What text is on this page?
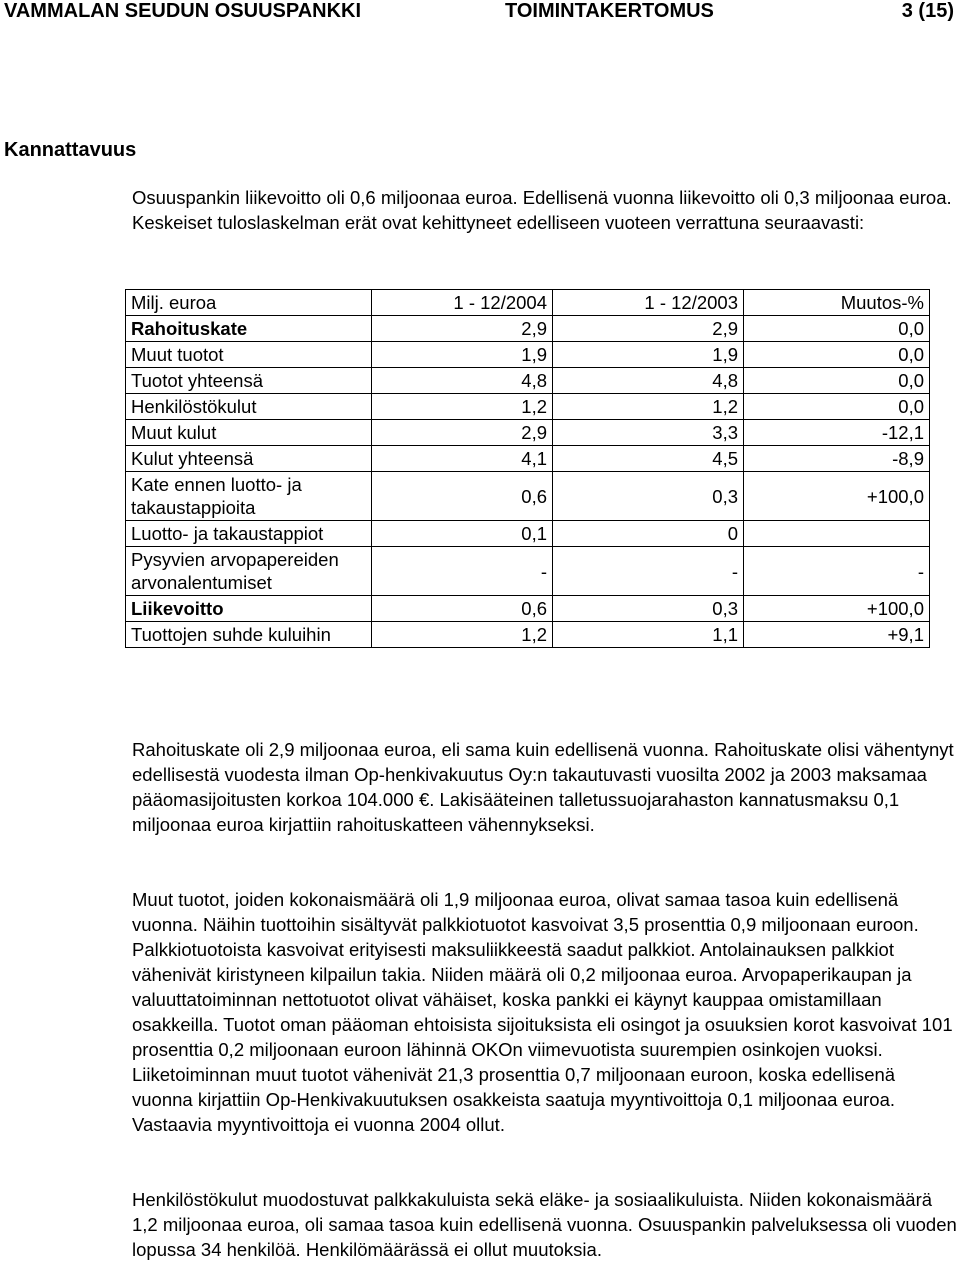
VAMMALAN SEUDUN OSUUSPANKKI	TOIMINTAKERTOMUS	3 (15)
Kannattavuus
Osuuspankin liikevoitto oli 0,6 miljoonaa euroa. Edellisenä vuonna liikevoitto oli 0,3 miljoonaa euroa. Keskeiset tuloslaskelman erät ovat kehittyneet edelliseen vuoteen verrattuna seuraavasti:
Milj. euroa	1 - 12/2004	1 - 12/2003	Muutos-%
Rahoituskate	2,9	2,9	0,0
Muut tuotot	1,9	1,9	0,0
Tuotot yhteensä	4,8	4,8	0,0
Henkilöstökulut	1,2	1,2	0,0
Muut kulut	2,9	3,3	-12,1
Kulut yhteensä	4,1	4,5	-8,9
Kate ennen luotto- ja takaustappioita	0,6	0,3	+100,0
Luotto- ja takaustappiot	0,1	0	
Pysyvien arvopapereiden arvonalentumiset	-	-	-
Liikevoitto	0,6	0,3	+100,0
Tuottojen suhde kuluihin	1,2	1,1	+9,1
Rahoituskate oli 2,9 miljoonaa euroa, eli sama kuin edellisenä vuonna. Rahoituskate olisi vähentynyt edellisestä vuodesta ilman Op-henkivakuutus Oy:n takautuvasti vuosilta 2002 ja 2003 maksamaa pääomasijoitusten korkoa 104.000 €. Lakisääteinen talletussuojarahaston kannatusmaksu 0,1 miljoonaa euroa kirjattiin rahoituskatteen vähennykseksi.
Muut tuotot, joiden kokonaismäärä oli 1,9 miljoonaa euroa, olivat samaa tasoa kuin edellisenä vuonna. Näihin tuottoihin sisältyvät palkkiotuotot kasvoivat 3,5 prosenttia 0,9 miljoonaan euroon. Palkkiotuotoista kasvoivat erityisesti maksuliikkeestä saadut palkkiot. Antolainauksen palkkiot vähenivät kiristyneen kilpailun takia. Niiden määrä oli 0,2 miljoonaa euroa. Arvopaperikaupan ja valuuttatoiminnan nettotuotot olivat vähäiset, koska pankki ei käynyt kauppaa omistamillaan osakkeilla. Tuotot oman pääoman ehtoisista sijoituksista eli osingot ja osuuksien korot kasvoivat 101 prosenttia 0,2 miljoonaan euroon lähinnä OKOn viimevuotista suurempien osinkojen vuoksi. Liiketoiminnan muut tuotot vähenivät 21,3 prosenttia 0,7 miljoonaan euroon, koska edellisenä vuonna kirjattiin Op-Henkivakuutuksen osakkeista saatuja myyntivoittoja 0,1 miljoonaa euroa. Vastaavia myyntivoittoja ei vuonna 2004 ollut.
Henkilöstökulut muodostuvat palkkakuluista sekä eläke- ja sosiaalikuluista. Niiden kokonaismäärä 1,2 miljoonaa euroa, oli samaa tasoa kuin edellisenä vuonna. Osuuspankin palveluksessa oli vuoden lopussa 34 henkilöä. Henkilömäärässä ei ollut muutoksia.
